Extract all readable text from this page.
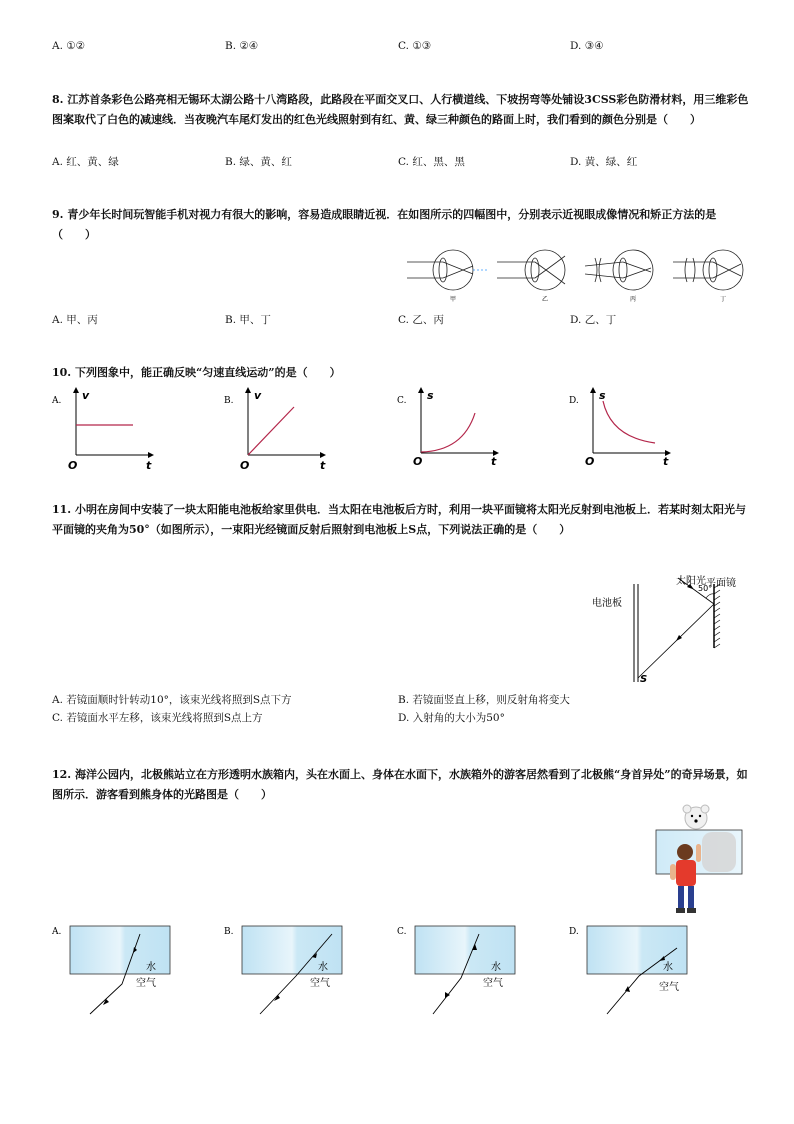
A. ①②	B. ②④	C. ①③	D. ③④
8. 江苏首条彩色公路亮相无锡环太湖公路十八湾路段，此路段在平面交叉口、人行横道线、下坡拐弯等处铺设3CSS彩色防滑材料，用三维彩色图案取代了白色的减速线．当夜晚汽车尾灯发出的红色光线照射到有红、黄、绿三种颜色的路面上时，我们看到的颜色分别是（　　）
A. 红、黄、绿	B. 绿、黄、红	C. 红、黑、黑	D. 黄、绿、红
9. 青少年长时间玩智能手机对视力有很大的影响，容易造成眼睛近视．在如图所示的四幅图中，分别表示近视眼成像情况和矫正方法的是（　　）
甲	乙	丙	丁
A. 甲、丙	B. 甲、丁	C. 乙、丙	D. 乙、丁
10. 下列图象中，能正确反映“匀速直线运动”的是（　　）
A. v
t
O
B. v
t
O
C. s
t
O
D. s
t
O
11. 小明在房间中安装了一块太阳能电池板给家里供电．当太阳在电池板后方时，利用一块平面镜将太阳光反射到电池板上．若某时刻太阳光与平面镜的夹角为50°（如图所示），一束阳光经镜面反射后照射到电池板上S点，下列说法正确的是（　　）
电池板
太阳光 平面镜
50°
S
A. 若镜面顺时针转动10°，该束光线将照到S点下方	B. 若镜面竖直上移，则反射角将变大
C. 若镜面水平左移，该束光线将照到S点上方	D. 入射角的大小为50°
12. 海洋公园内，北极熊站立在方形透明水族箱内，头在水面上、身体在水面下，水族箱外的游客居然看到了北极熊“身首异处”的奇异场景，如图所示．游客看到熊身体的光路图是（　　）
A.
水
空气
B.
水
空气
C.
水
空气
D.
水
空气
